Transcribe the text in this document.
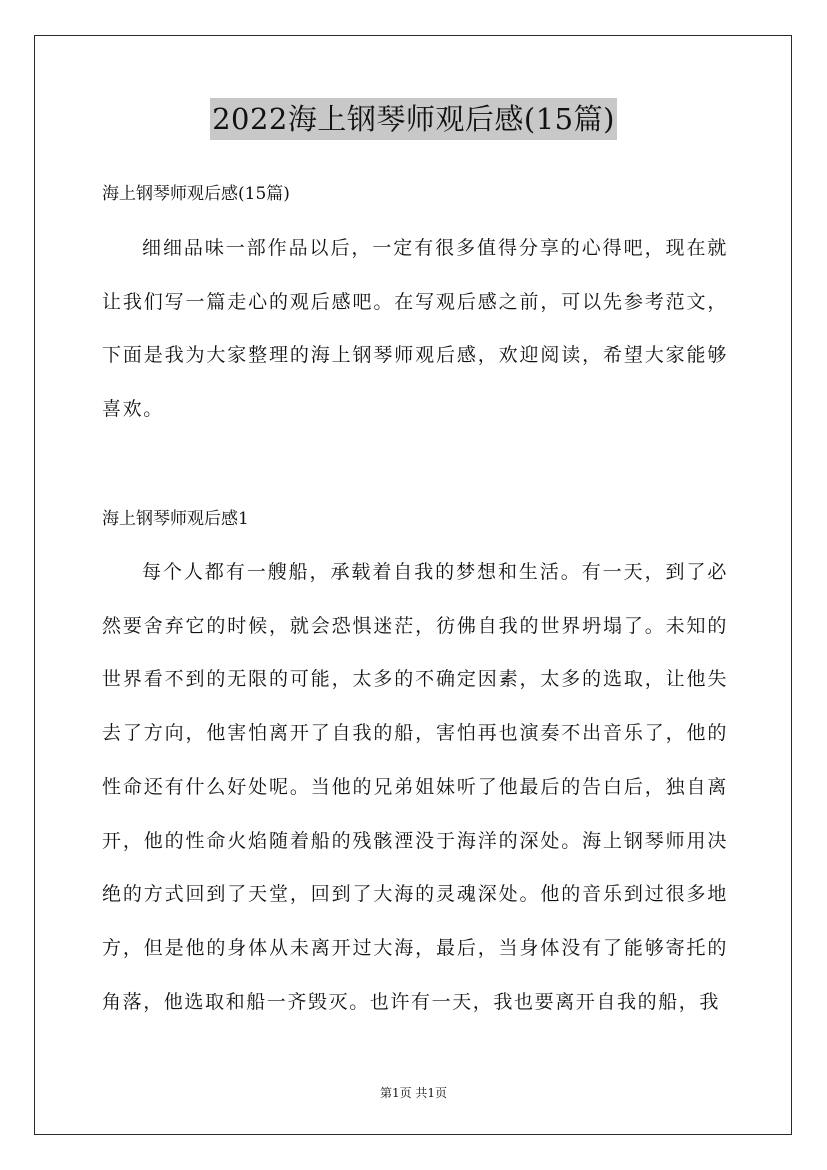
2022海上钢琴师观后感(15篇)
海上钢琴师观后感(15篇)

细细品味一部作品以后，一定有很多值得分享的心得吧，现在就让我们写一篇走心的观后感吧。在写观后感之前，可以先参考范文，下面是我为大家整理的海上钢琴师观后感，欢迎阅读，希望大家能够喜欢。

海上钢琴师观后感1

每个人都有一艘船，承载着自我的梦想和生活。有一天，到了必然要舍弃它的时候，就会恐惧迷茫，彷佛自我的世界坍塌了。未知的世界看不到的无限的可能，太多的不确定因素，太多的选取，让他失去了方向，他害怕离开了自我的船，害怕再也演奏不出音乐了，他的性命还有什么好处呢。当他的兄弟姐妹听了他最后的告白后，独自离开，他的性命火焰随着船的残骸湮没于海洋的深处。海上钢琴师用决绝的方式回到了天堂，回到了大海的灵魂深处。他的音乐到过很多地方，但是他的身体从未离开过大海，最后，当身体没有了能够寄托的角落，他选取和船一齐毁灭。也许有一天，我也要离开自我的船，我

第1页 共1页
